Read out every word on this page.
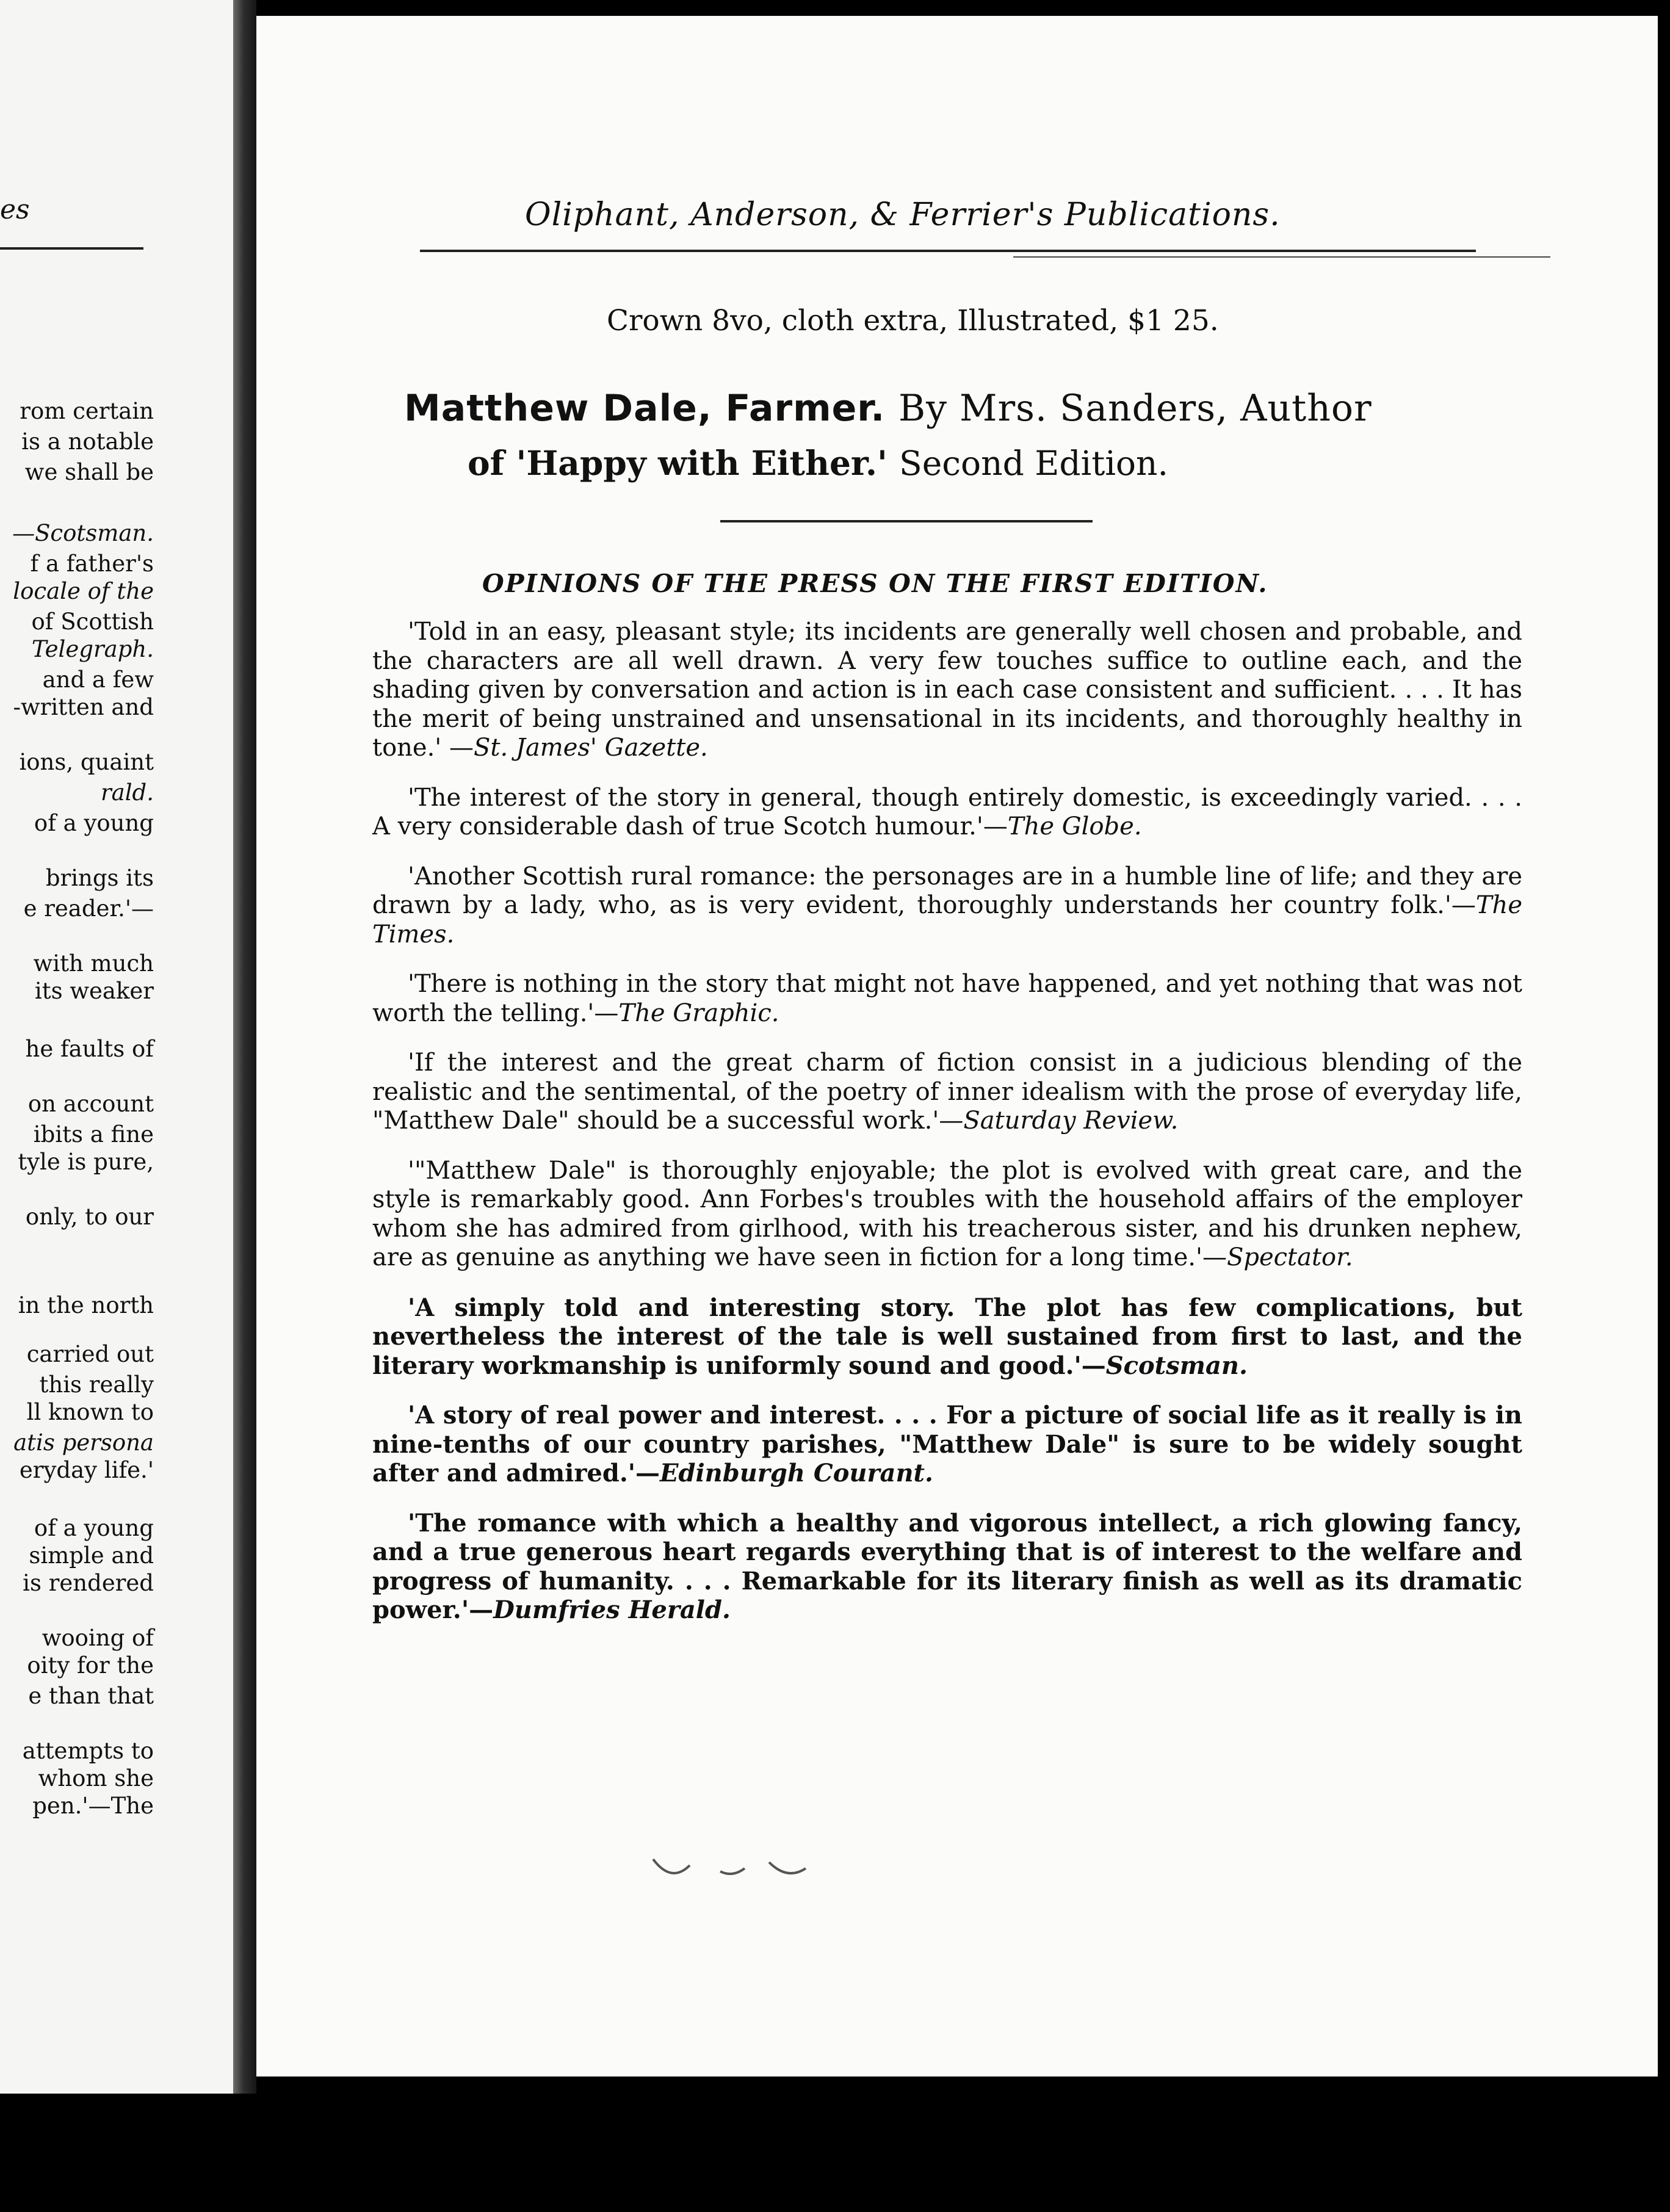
es
rom certain
is a notable
we shall be
—Scotsman.
f a father's
locale of the
of Scottish
Telegraph.
and a few
-written and
ions, quaint
rald.
of a young
brings its
e reader.'—
with much
its weaker
he faults of
on account
ibits a fine
tyle is pure,
only, to our
in the north
carried out
this really
ll known to
atis persona
eryday life.'
of a young
simple and
is rendered
wooing of
oity for the
e than that
attempts to
whom she
pen.'—The
Oliphant, Anderson, & Ferrier's Publications.
Crown 8vo, cloth extra, Illustrated, $1 25.
Matthew Dale, Farmer. By Mrs. Sanders, Author
of 'Happy with Either.' Second Edition.
OPINIONS OF THE PRESS ON THE FIRST EDITION.

'Told in an easy, pleasant style; its incidents are generally well chosen and probable, and the characters are all well drawn. A very few touches suffice to outline each, and the shading given by conversation and action is in each case consistent and sufficient. . . . It has the merit of being unstrained and unsensational in its incidents, and thoroughly healthy in tone.' —St. James' Gazette.

'The interest of the story in general, though entirely domestic, is exceedingly varied. . . . A very considerable dash of true Scotch humour.'—The Globe.

'Another Scottish rural romance: the personages are in a humble line of life; and they are drawn by a lady, who, as is very evident, thoroughly understands her country folk.'—The Times.

'There is nothing in the story that might not have happened, and yet nothing that was not worth the telling.'—The Graphic.

'If the interest and the great charm of fiction consist in a judicious blending of the realistic and the sentimental, of the poetry of inner idealism with the prose of everyday life, "Matthew Dale" should be a successful work.'—Saturday Review.

'"Matthew Dale" is thoroughly enjoyable; the plot is evolved with great care, and the style is remarkably good. Ann Forbes's troubles with the household affairs of the employer whom she has admired from girlhood, with his treacherous sister, and his drunken nephew, are as genuine as anything we have seen in fiction for a long time.'—Spectator.

'A simply told and interesting story. The plot has few complications, but nevertheless the interest of the tale is well sustained from first to last, and the literary workmanship is uniformly sound and good.'—Scotsman.

'A story of real power and interest. . . . For a picture of social life as it really is in nine-tenths of our country parishes, "Matthew Dale" is sure to be widely sought after and admired.'—Edinburgh Courant.

'The romance with which a healthy and vigorous intellect, a rich glowing fancy, and a true generous heart regards everything that is of interest to the welfare and progress of humanity. . . . Remarkable for its literary finish as well as its dramatic power.'—Dumfries Herald.
